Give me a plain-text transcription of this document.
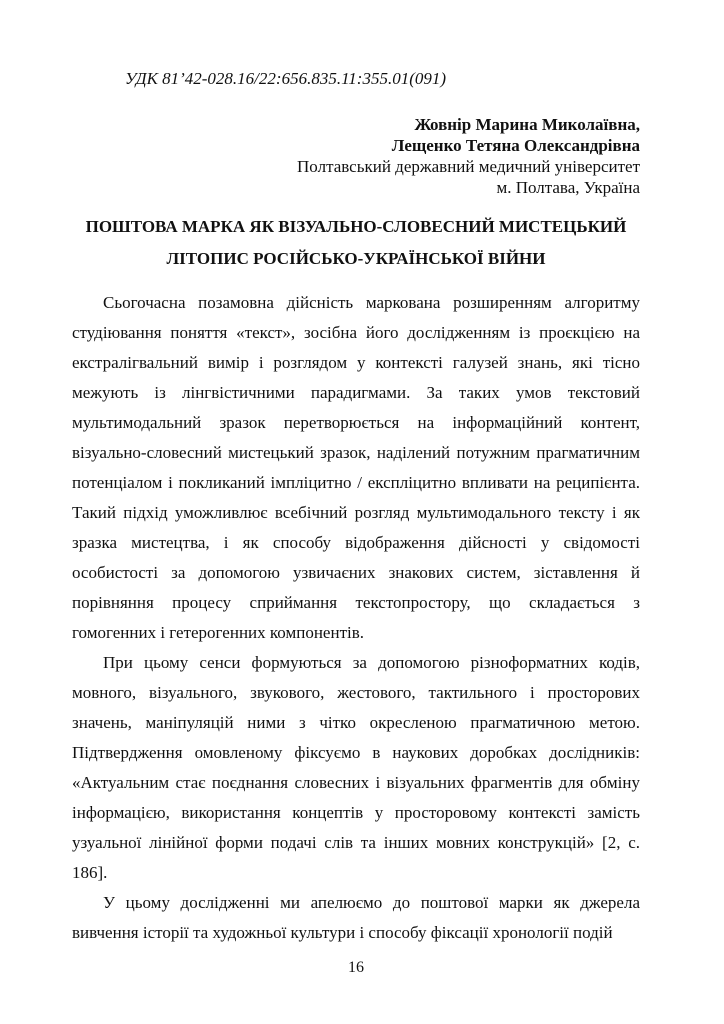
УДК 81’42-028.16/22:656.835.11:355.01(091)

Жовнір Марина Миколаївна,
Лещенко Тетяна Олександрівна
Полтавський державний медичний університет
м. Полтава, Україна
ПОШТОВА МАРКА ЯК ВІЗУАЛЬНО-СЛОВЕСНИЙ МИСТЕЦЬКИЙ
ЛІТОПИС РОСІЙСЬКО-УКРАЇНСЬКОЇ ВІЙНИ

Сьогочасна позамовна дійсність маркована розширенням алгоритму студіювання поняття «текст», зосібна його дослідженням із проєкцією на екстралігвальний вимір і розглядом у контексті галузей знань, які тісно межують із лінгвістичними парадигмами. За таких умов текстовий мультимодальний зразок перетворюється на інформаційний контент, візуально-словесний мистецький зразок, наділений потужним прагматичним потенціалом і покликаний імпліцитно / експліцитно впливати на реципієнта. Такий підхід уможливлює всебічний розгляд мультимодального тексту і як зразка мистецтва, і як способу відображення дійсності у свідомості особистості за допомогою узвичаєних знакових систем, зіставлення й порівняння процесу сприймання текстопростору, що складається з гомогенних і гетерогенних компонентів.

При цьому сенси формуються за допомогою різноформатних кодів, мовного, візуального, звукового, жестового, тактильного і просторових значень, маніпуляцій ними з чітко окресленою прагматичною метою. Підтвердження омовленому фіксуємо в наукових доробках дослідників: «Актуальним стає поєднання словесних і візуальних фрагментів для обміну інформацією, використання концептів у просторовому контексті замість узуальної лінійної форми подачі слів та інших мовних конструкцій» [2, с. 186].

У цьому дослідженні ми апелюємо до поштової марки як джерела вивчення історії та художньої культури і способу фіксації хронології подій

16
